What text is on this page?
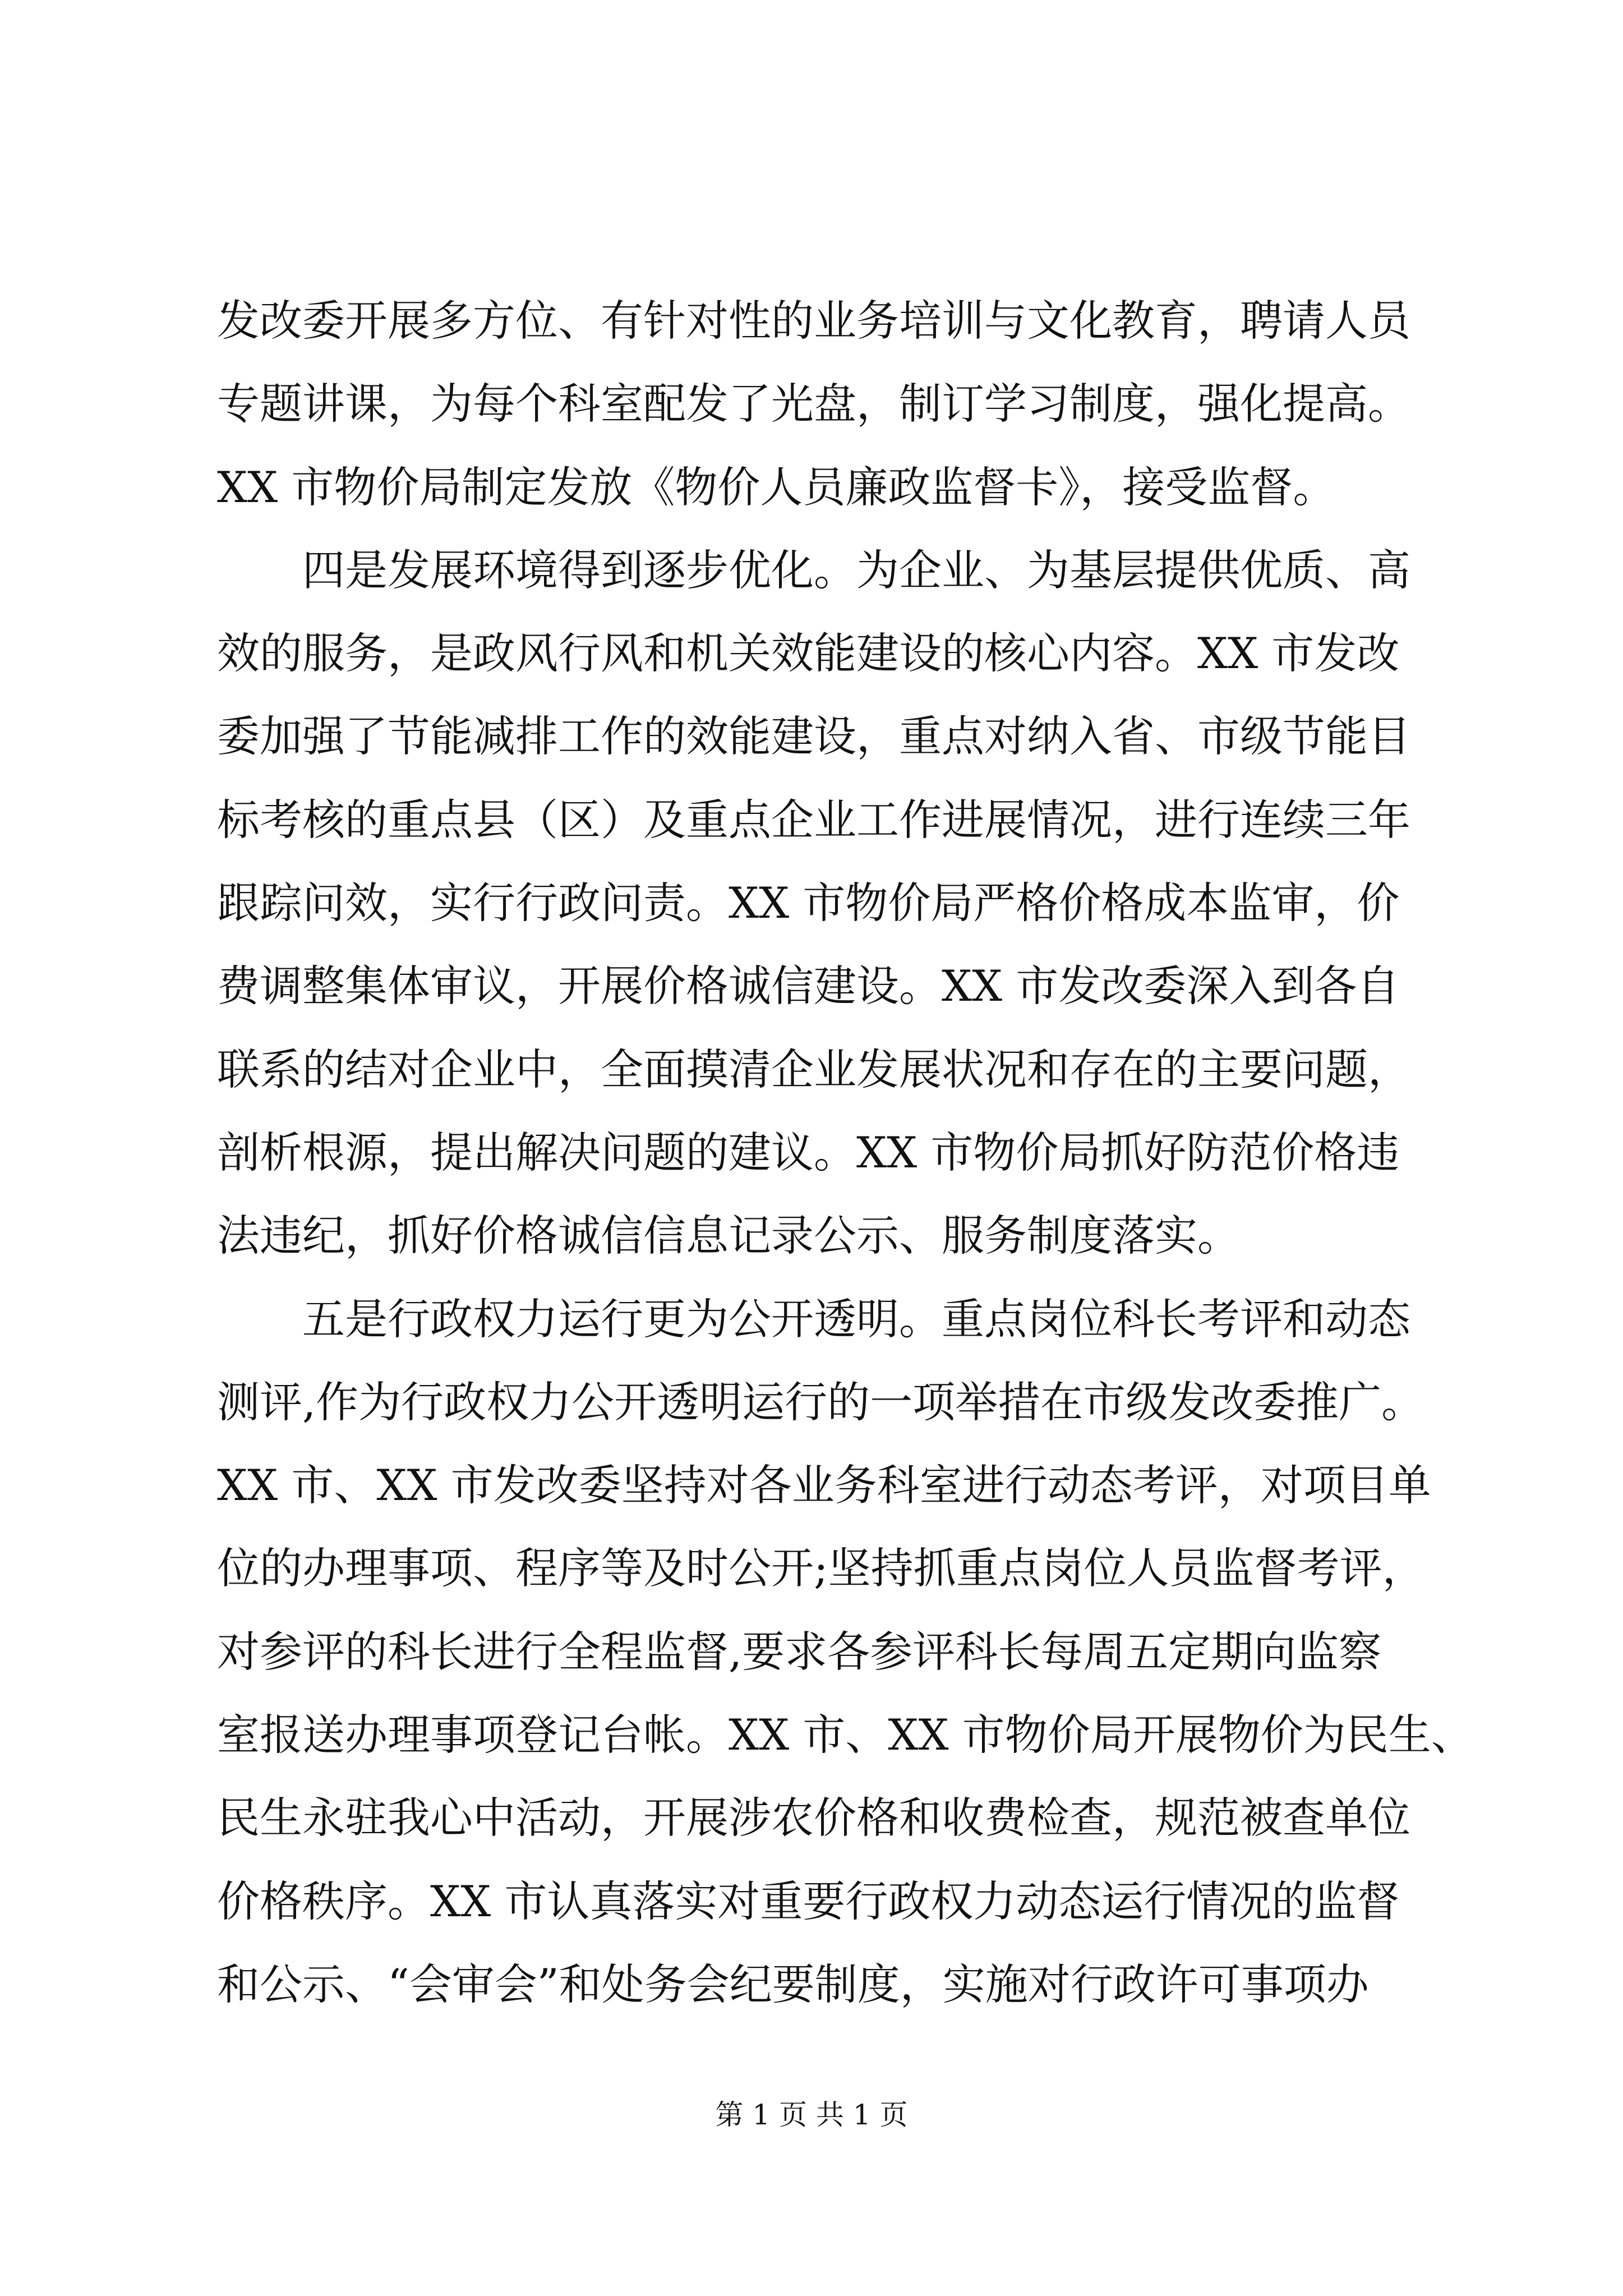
发改委开展多方位、有针对性的业务培训与文化教育，聘请人员
专题讲课，为每个科室配发了光盘，制订学习制度，强化提高。
XX 市物价局制定发放《物价人员廉政监督卡》，接受监督。
四是发展环境得到逐步优化。为企业、为基层提供优质、高
效的服务，是政风行风和机关效能建设的核心内容。XX 市发改
委加强了节能减排工作的效能建设，重点对纳入省、市级节能目
标考核的重点县（区）及重点企业工作进展情况，进行连续三年
跟踪问效，实行行政问责。XX 市物价局严格价格成本监审，价
费调整集体审议，开展价格诚信建设。XX 市发改委深入到各自
联系的结对企业中，全面摸清企业发展状况和存在的主要问题，
剖析根源，提出解决问题的建议。XX 市物价局抓好防范价格违
法违纪，抓好价格诚信信息记录公示、服务制度落实。
五是行政权力运行更为公开透明。重点岗位科长考评和动态
测评,作为行政权力公开透明运行的一项举措在市级发改委推广。
XX 市、XX 市发改委坚持对各业务科室进行动态考评，对项目单
位的办理事项、程序等及时公开;坚持抓重点岗位人员监督考评，
对参评的科长进行全程监督,要求各参评科长每周五定期向监察
室报送办理事项登记台帐。XX 市、XX 市物价局开展物价为民生、
民生永驻我心中活动，开展涉农价格和收费检查，规范被查单位
价格秩序。XX 市认真落实对重要行政权力动态运行情况的监督
和公示、“会审会”和处务会纪要制度，实施对行政许可事项办
第 1 页 共 1 页
